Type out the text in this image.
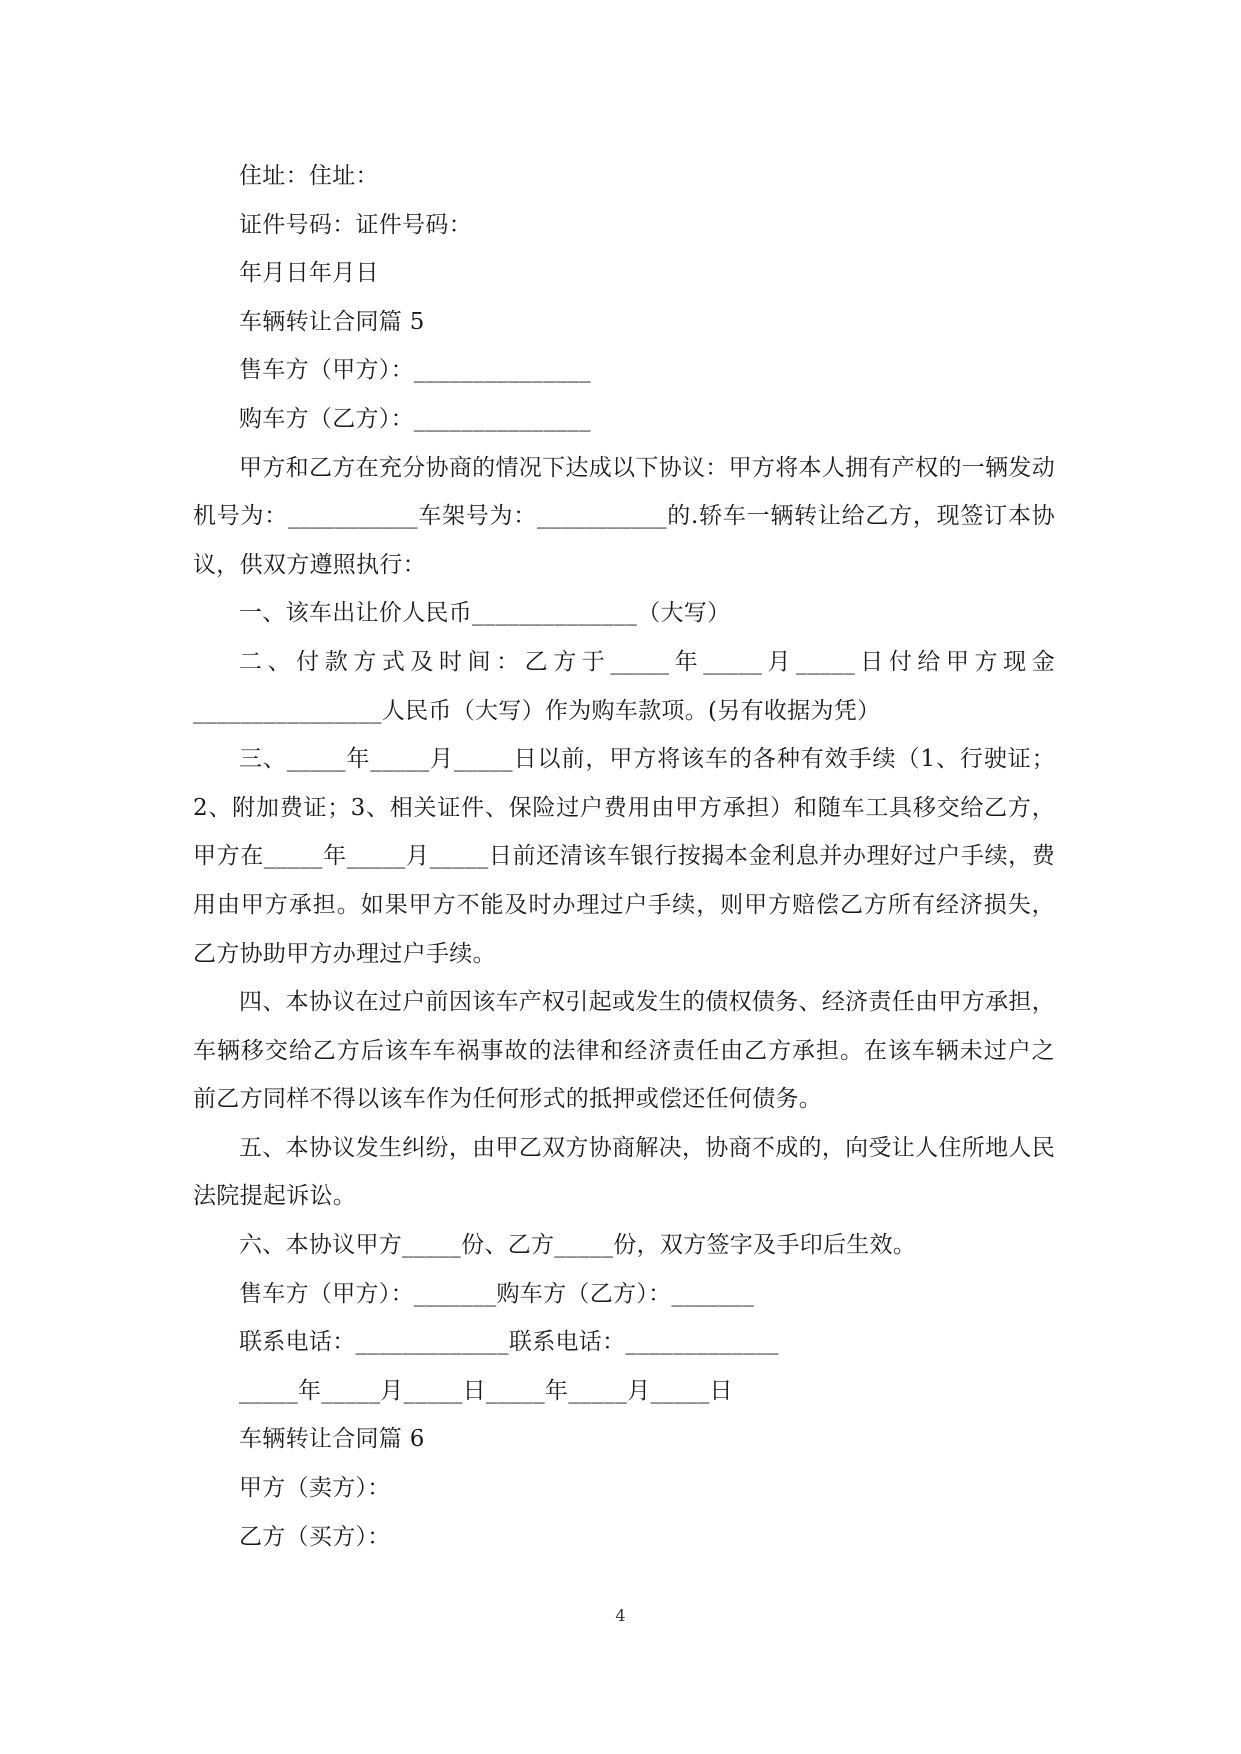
住址：住址：

证件号码：证件号码：

年月日年月日

车辆转让合同篇 5

售车方（甲方）：_______________

购车方（乙方）：_______________

甲方和乙方在充分协商的情况下达成以下协议：甲方将本人拥有产权的一辆发动机号为：___________车架号为：___________的.轿车一辆转让给乙方，现签订本协议，供双方遵照执行：

一、该车出让价人民币______________（大写）

二、付款方式及时间：乙方于_____年_____月_____日付给甲方现金________________人民币（大写）作为购车款项。(另有收据为凭）

三、_____年_____月_____日以前，甲方将该车的各种有效手续（1、行驶证；2、附加费证；3、相关证件、保险过户费用由甲方承担）和随车工具移交给乙方，甲方在_____年_____月_____日前还清该车银行按揭本金利息并办理好过户手续，费用由甲方承担。如果甲方不能及时办理过户手续，则甲方赔偿乙方所有经济损失，乙方协助甲方办理过户手续。

四、本协议在过户前因该车产权引起或发生的债权债务、经济责任由甲方承担，车辆移交给乙方后该车车祸事故的法律和经济责任由乙方承担。在该车辆未过户之前乙方同样不得以该车作为任何形式的抵押或偿还任何债务。

五、本协议发生纠纷，由甲乙双方协商解决，协商不成的，向受让人住所地人民法院提起诉讼。

六、本协议甲方_____份、乙方_____份，双方签字及手印后生效。

售车方（甲方）：_______购车方（乙方）：_______

联系电话：_____________联系电话：_____________

_____年_____月_____日_____年_____月_____日

车辆转让合同篇 6

甲方（卖方）：

乙方（买方）：

4
